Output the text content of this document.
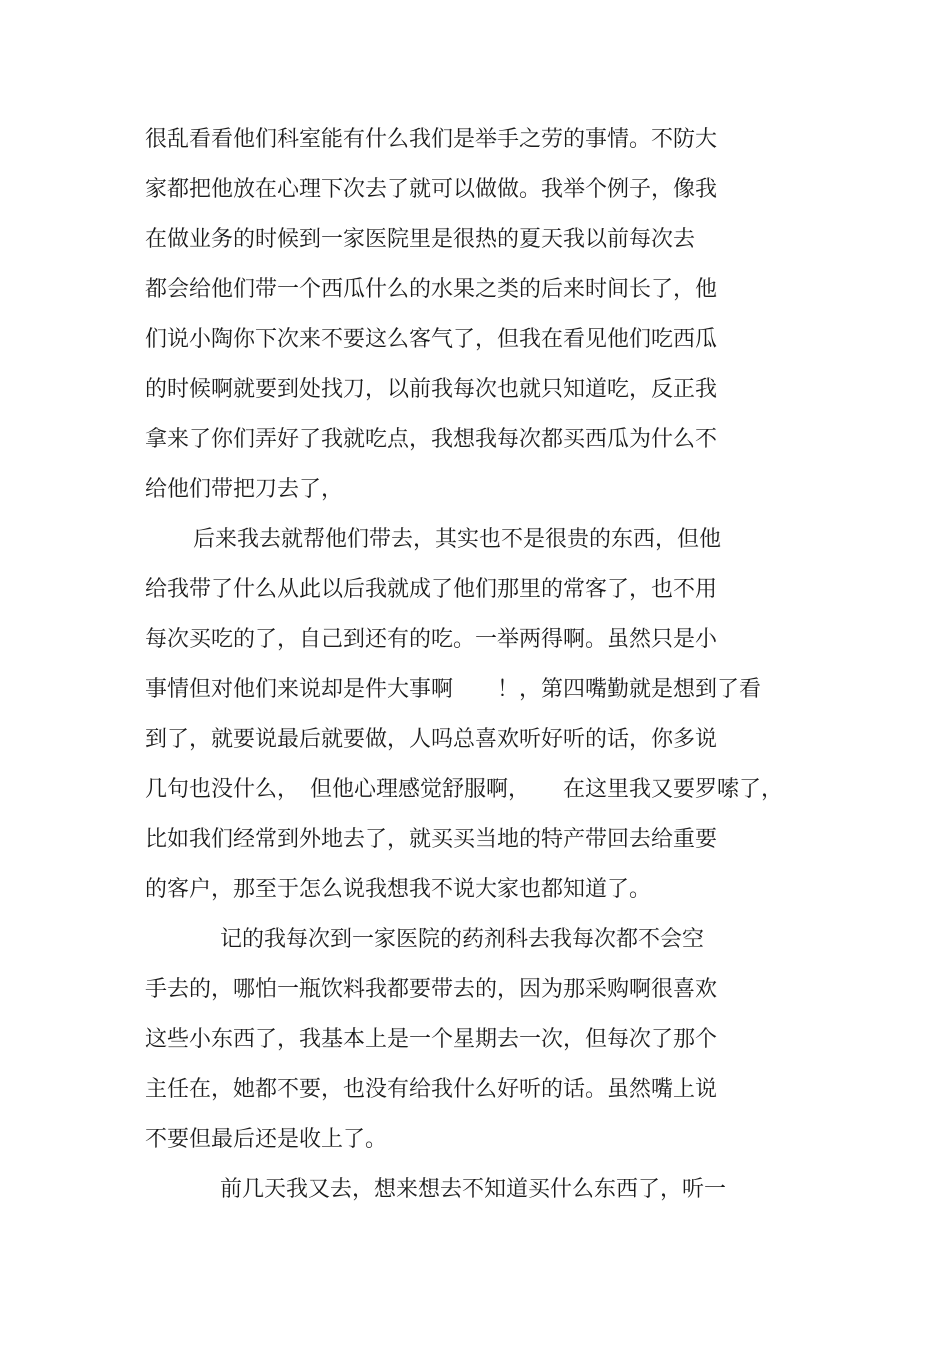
很乱看看他们科室能有什么我们是举手之劳的事情。不防大
家都把他放在心理下次去了就可以做做。我举个例子，像我
在做业务的时候到一家医院里是很热的夏天我以前每次去
都会给他们带一个西瓜什么的水果之类的后来时间长了，他
们说小陶你下次来不要这么客气了，但我在看见他们吃西瓜
的时候啊就要到处找刀，以前我每次也就只知道吃，反正我
拿来了你们弄好了我就吃点，我想我每次都买西瓜为什么不
给他们带把刀去了，
后来我去就帮他们带去，其实也不是很贵的东西，但他
给我带了什么从此以后我就成了他们那里的常客了，也不用
每次买吃的了，自己到还有的吃。一举两得啊。虽然只是小
事情但对他们来说却是件大事啊　　！，第四嘴勤就是想到了看
到了，就要说最后就要做，人吗总喜欢听好听的话，你多说
几句也没什么，　但他心理感觉舒服啊，　　在这里我又要罗嗦了，
比如我们经常到外地去了，就买买当地的特产带回去给重要
的客户，那至于怎么说我想我不说大家也都知道了。
记的我每次到一家医院的药剂科去我每次都不会空
手去的，哪怕一瓶饮料我都要带去的，因为那采购啊很喜欢
这些小东西了，我基本上是一个星期去一次，但每次了那个
主任在，她都不要，也没有给我什么好听的话。虽然嘴上说
不要但最后还是收上了。
前几天我又去，想来想去不知道买什么东西了，听一
